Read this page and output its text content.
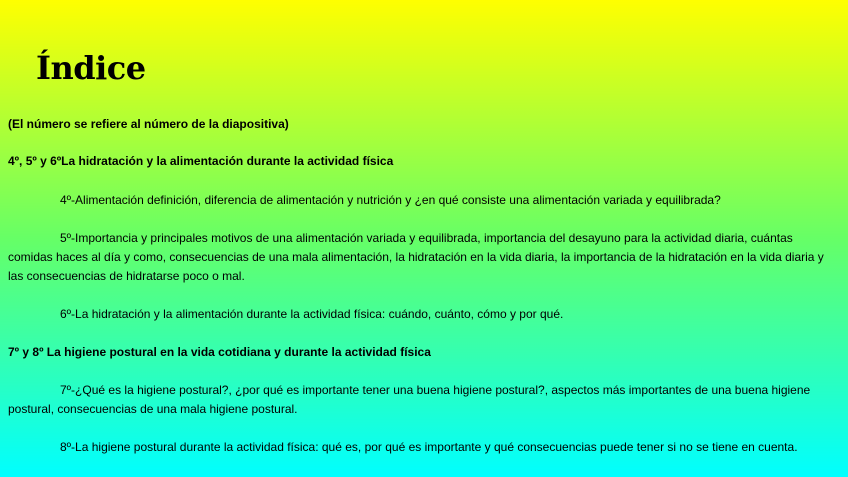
Índice

(El número se refiere al número de la diapositiva)

4º, 5º y 6ºLa hidratación y la alimentación durante la actividad física

4º-Alimentación definición, diferencia de alimentación y nutrición y ¿en qué consiste una alimentación variada y equilibrada?

5º-Importancia y principales motivos de una alimentación variada y equilibrada, importancia del desayuno para la actividad diaria, cuántas comidas haces al día y como, consecuencias de una mala alimentación, la hidratación en la vida diaria, la importancia de la hidratación en la vida diaria y las consecuencias de hidratarse poco o mal.

6º-La hidratación y la alimentación durante la actividad física: cuándo, cuánto, cómo y por qué.

7º y 8º La higiene postural en la vida cotidiana y durante la actividad física

7º-¿Qué es la higiene postural?, ¿por qué es importante tener una buena higiene postural?, aspectos más importantes de una buena higiene postural, consecuencias de una mala higiene postural.

8º-La higiene postural durante la actividad física: qué es, por qué es importante y qué consecuencias puede tener si no se tiene en cuenta.
